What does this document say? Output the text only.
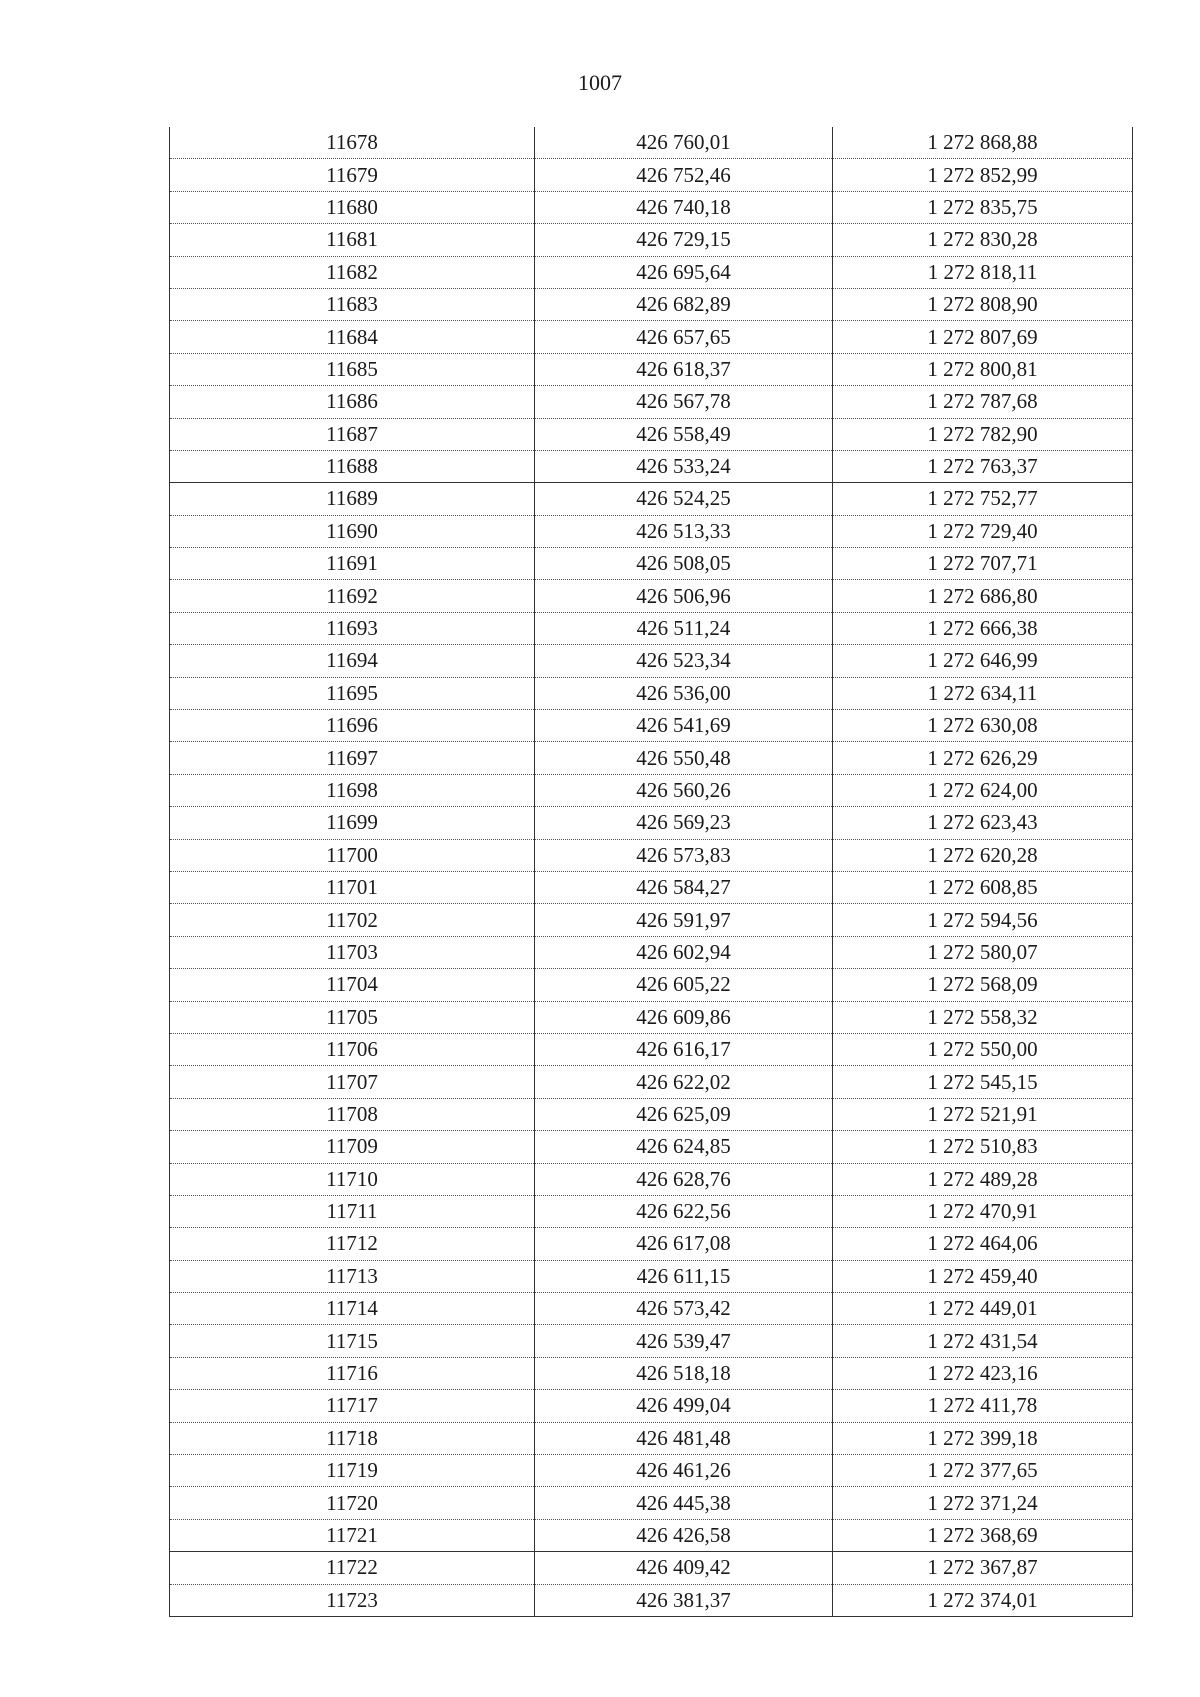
1007
11678	426 760,01	1 272 868,88
11679	426 752,46	1 272 852,99
11680	426 740,18	1 272 835,75
11681	426 729,15	1 272 830,28
11682	426 695,64	1 272 818,11
11683	426 682,89	1 272 808,90
11684	426 657,65	1 272 807,69
11685	426 618,37	1 272 800,81
11686	426 567,78	1 272 787,68
11687	426 558,49	1 272 782,90
11688	426 533,24	1 272 763,37
11689	426 524,25	1 272 752,77
11690	426 513,33	1 272 729,40
11691	426 508,05	1 272 707,71
11692	426 506,96	1 272 686,80
11693	426 511,24	1 272 666,38
11694	426 523,34	1 272 646,99
11695	426 536,00	1 272 634,11
11696	426 541,69	1 272 630,08
11697	426 550,48	1 272 626,29
11698	426 560,26	1 272 624,00
11699	426 569,23	1 272 623,43
11700	426 573,83	1 272 620,28
11701	426 584,27	1 272 608,85
11702	426 591,97	1 272 594,56
11703	426 602,94	1 272 580,07
11704	426 605,22	1 272 568,09
11705	426 609,86	1 272 558,32
11706	426 616,17	1 272 550,00
11707	426 622,02	1 272 545,15
11708	426 625,09	1 272 521,91
11709	426 624,85	1 272 510,83
11710	426 628,76	1 272 489,28
11711	426 622,56	1 272 470,91
11712	426 617,08	1 272 464,06
11713	426 611,15	1 272 459,40
11714	426 573,42	1 272 449,01
11715	426 539,47	1 272 431,54
11716	426 518,18	1 272 423,16
11717	426 499,04	1 272 411,78
11718	426 481,48	1 272 399,18
11719	426 461,26	1 272 377,65
11720	426 445,38	1 272 371,24
11721	426 426,58	1 272 368,69
11722	426 409,42	1 272 367,87
11723	426 381,37	1 272 374,01
